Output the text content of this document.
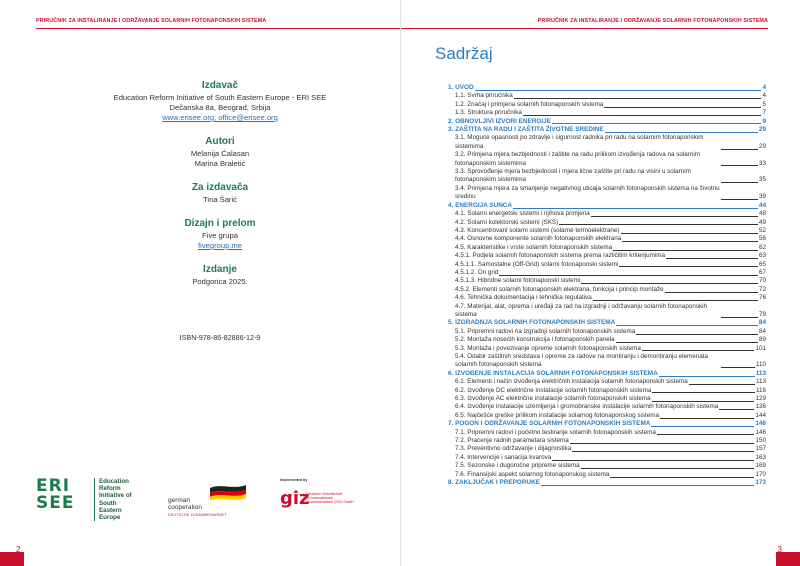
PRIRUČNIK ZA INSTALIRANJE I ODRŽAVANJE SOLARNIH FOTONAPONSKIH SISTEMA
Izdavač
Education Reform Initiative of South Eastern Europe - ERI SEE
Dečanska 8a, Beograd, Srbija
www.erisee.org, office@erisee.org
Autori
Melanija Ćalasan
Marina Braletić
Za izdavača
Tina Šarić
Dizajn i prelom
Five grupa
fivegroup.me
Izdanje
Podgorica 2025.
ISBN-978-86-82886-12-9
ERI
SEE
Education
Reform
Initiative of
South
Eastern
Europe
german
cooperation
DEUTSCHE ZUSAMMENARBEIT
Implemented by
giz
Deutsche Gesellschaft
für Internationale
Zusammenarbeit (GIZ) GmbH
2
PRIRUČNIK ZA INSTALIRANJE I ODRŽAVANJE SOLARNIH FOTONAPONSKIH SISTEMA
Sadržaj
1. UVOD	4
1.1. Svrha priručnika	4
1.2. Značaj i primjena solarnih fotonaponskih sistema	5
1.3. Struktura priručnika	7
2. OBNOVLJIVI IZVORI ENERGIJE	9
3. ZAŠTITA NA RADU I ZAŠTITA ŽIVOTNE SREDINE	29
3.1. Moguće opasnosti po zdravlje i sigurnost radnika pri radu na solarnim fotonaponskim sistemima	29
3.2. Primjena mjera bezbjednosti i zaštite na radu prilikom izvođenja radova na solarnim fotonaponskim sistemima	33
3.3. Sprovođenje mjera bezbjednosti i mjera lične zaštite pri radu na visini u solarnim fotonaponskim sistemima	35
3.4. Primjena mjera za smanjenje negativnog uticaja solarnih fotonaponskih sistema na životnu sredinu	39
4. ENERGIJA SUNCA	44
4.1. Solarni energetski sistemi i njihova primjena	48
4.2. Solarni kolektorski sistemi (SKS)	49
4.3. Koncentrovani solarni sistemi (solarne termoelektrane)	52
4.4. Osnovne komponente solarnih fotonaponskih elektrana	56
4.5. Karakteristike i vrste solarnih fotonaponskih sistema	62
4.5.1. Podjela solarnih fotonaponskih sistema prema različitim kriterijumima	63
4.5.1.1. Samostalne (Off-Grid) solarni fotonaponski sistemi	65
4.5.1.2. On grid	67
4.5.1.3. Hibridne solarni fotonaponski sistemi	70
4.5.2. Elementi solarnih fotonaponskih elektrana, funkcija i princip montaže	72
4.6. Tehnička dokumentacija i tehnička regulativa	76
4.7. Materijal, alat, oprema i uređaji za rad na izgradnji i održavanju solarnih fotonaponskih sistema	79
5. IZGRADNJA SOLARNIH FOTONAPONSKIH SISTEMA	84
5.1. Pripremni radovi na izgradnji solarnih fotonaponskih sistema	84
5.2. Montaža nosećih konstrukcija i fotonaponskih panela	89
5.3. Montaža i povezivanje opreme solarnih fotonaponskih sistema	101
5.4. Odabir zaštitnih sredstava i opreme za radove na montiranju i demontiranju elemenata solarnih fotonaponskih sistema	110
6. IZVOĐENJE INSTALACIJA SOLARNIH FOTONAPONSKIH SISTEMA	113
6.1. Elementi i način izvođenja električnih instalacija solarnih fotonaponskih sistema	113
6.2. Izvođenje DC električne instalacije solarnih fotonaponskih sistema	116
6.3. Izvođenje AC električne instalacije solarnih fotonaponskih sistema	129
6.4. Izvođenje instalacije uzemljenja i gromobranske instalacije solarnih fotonaponskih sistema	136
6.5. Najčešće greške prilikom instalacije solarnog fotonaponskog sistema	144
7. POGON I ODRŽAVANJE SOLARNIH FOTONAPONSKIH SISTEMA	146
7.1. Pripremni radovi i početno testiranje solarnih fotonaponskih sistema	146
7.2. Praćenje radnih parametara sistema	150
7.3. Preventivno održavanje i dijagnostika	157
7.4. Intervencije i sanacija kvarova	163
7.5. Sezonske i dugoročne pripreme sistema	169
7.6. Finansijski aspekt solarnog fotonaponskog sistema	170
8. ZAKLJUČAK I PREPORUKE	173
3
